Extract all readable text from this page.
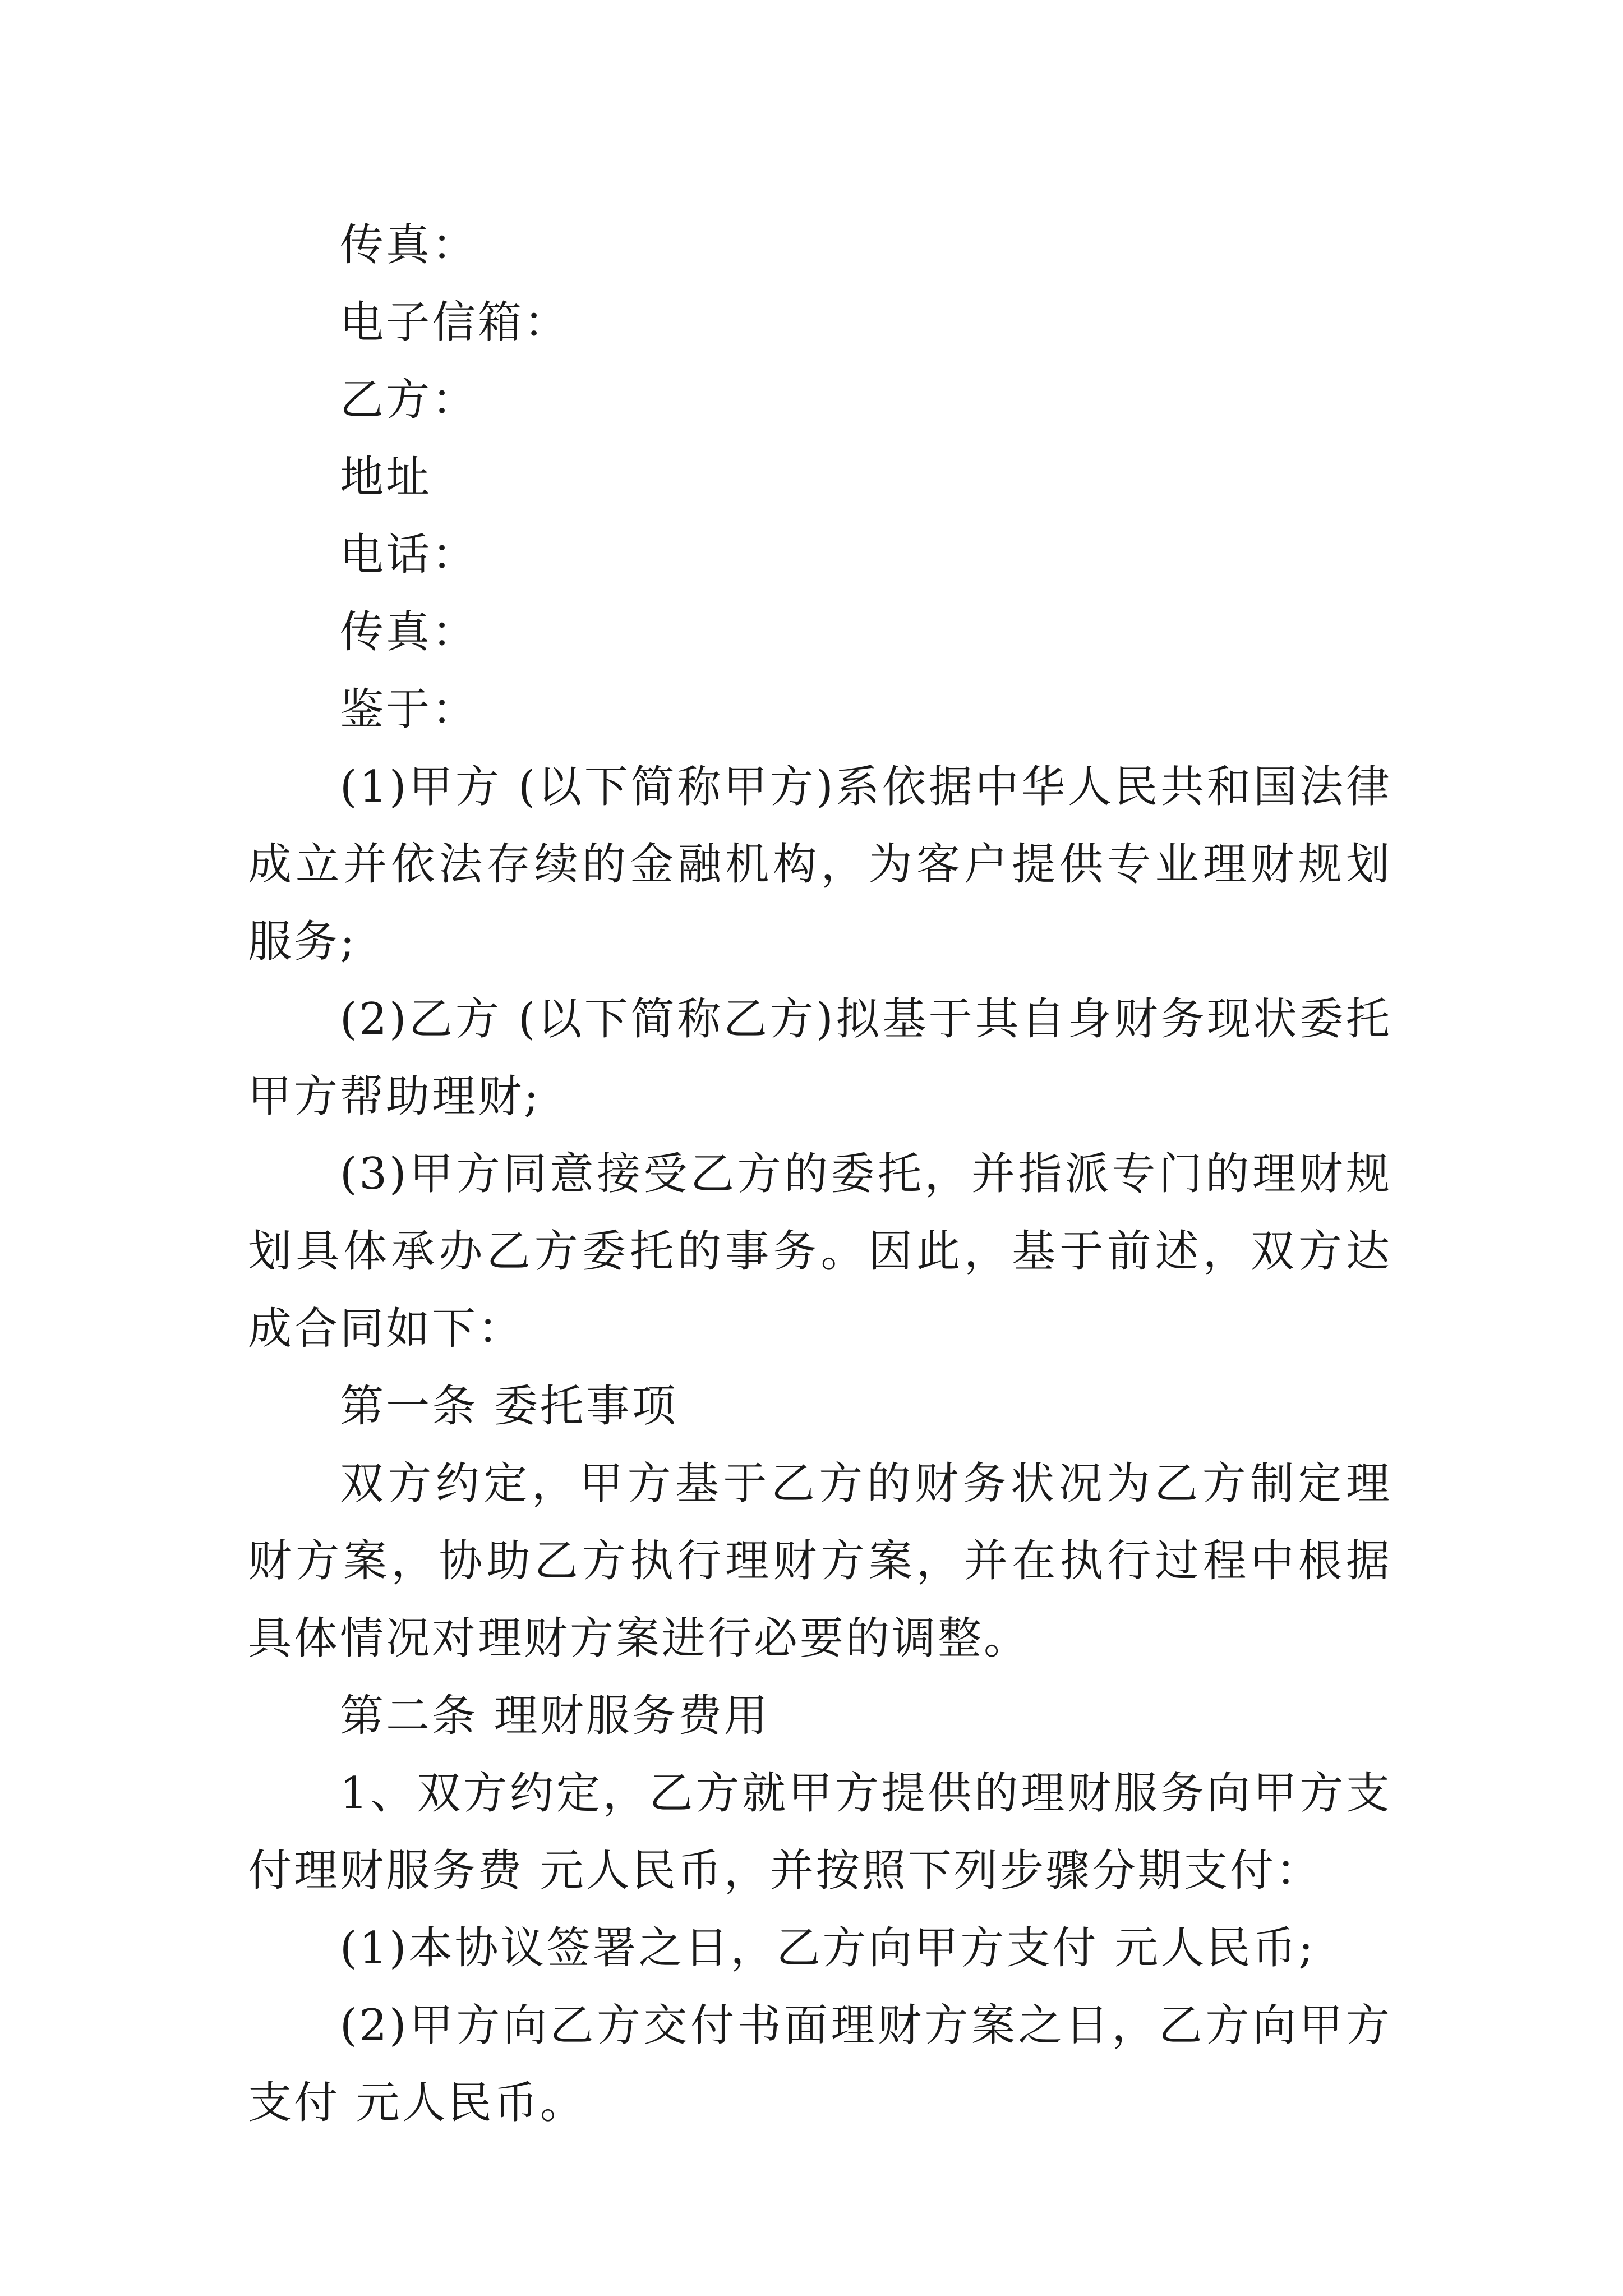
传真：

电子信箱：

乙方：

地址

电话：

传真：

鉴于：

(1)甲方 (以下简称甲方)系依据中华人民共和国法律成立并依法存续的金融机构，为客户提供专业理财规划服务;

(2)乙方 (以下简称乙方)拟基于其自身财务现状委托甲方帮助理财;

(3)甲方同意接受乙方的委托，并指派专门的理财规划具体承办乙方委托的事务。因此，基于前述，双方达成合同如下：

第一条 委托事项

双方约定，甲方基于乙方的财务状况为乙方制定理财方案，协助乙方执行理财方案，并在执行过程中根据具体情况对理财方案进行必要的调整。

第二条 理财服务费用

1、双方约定，乙方就甲方提供的理财服务向甲方支付理财服务费 元人民币，并按照下列步骤分期支付：

(1)本协议签署之日，乙方向甲方支付 元人民币;

(2)甲方向乙方交付书面理财方案之日，乙方向甲方支付 元人民币。
